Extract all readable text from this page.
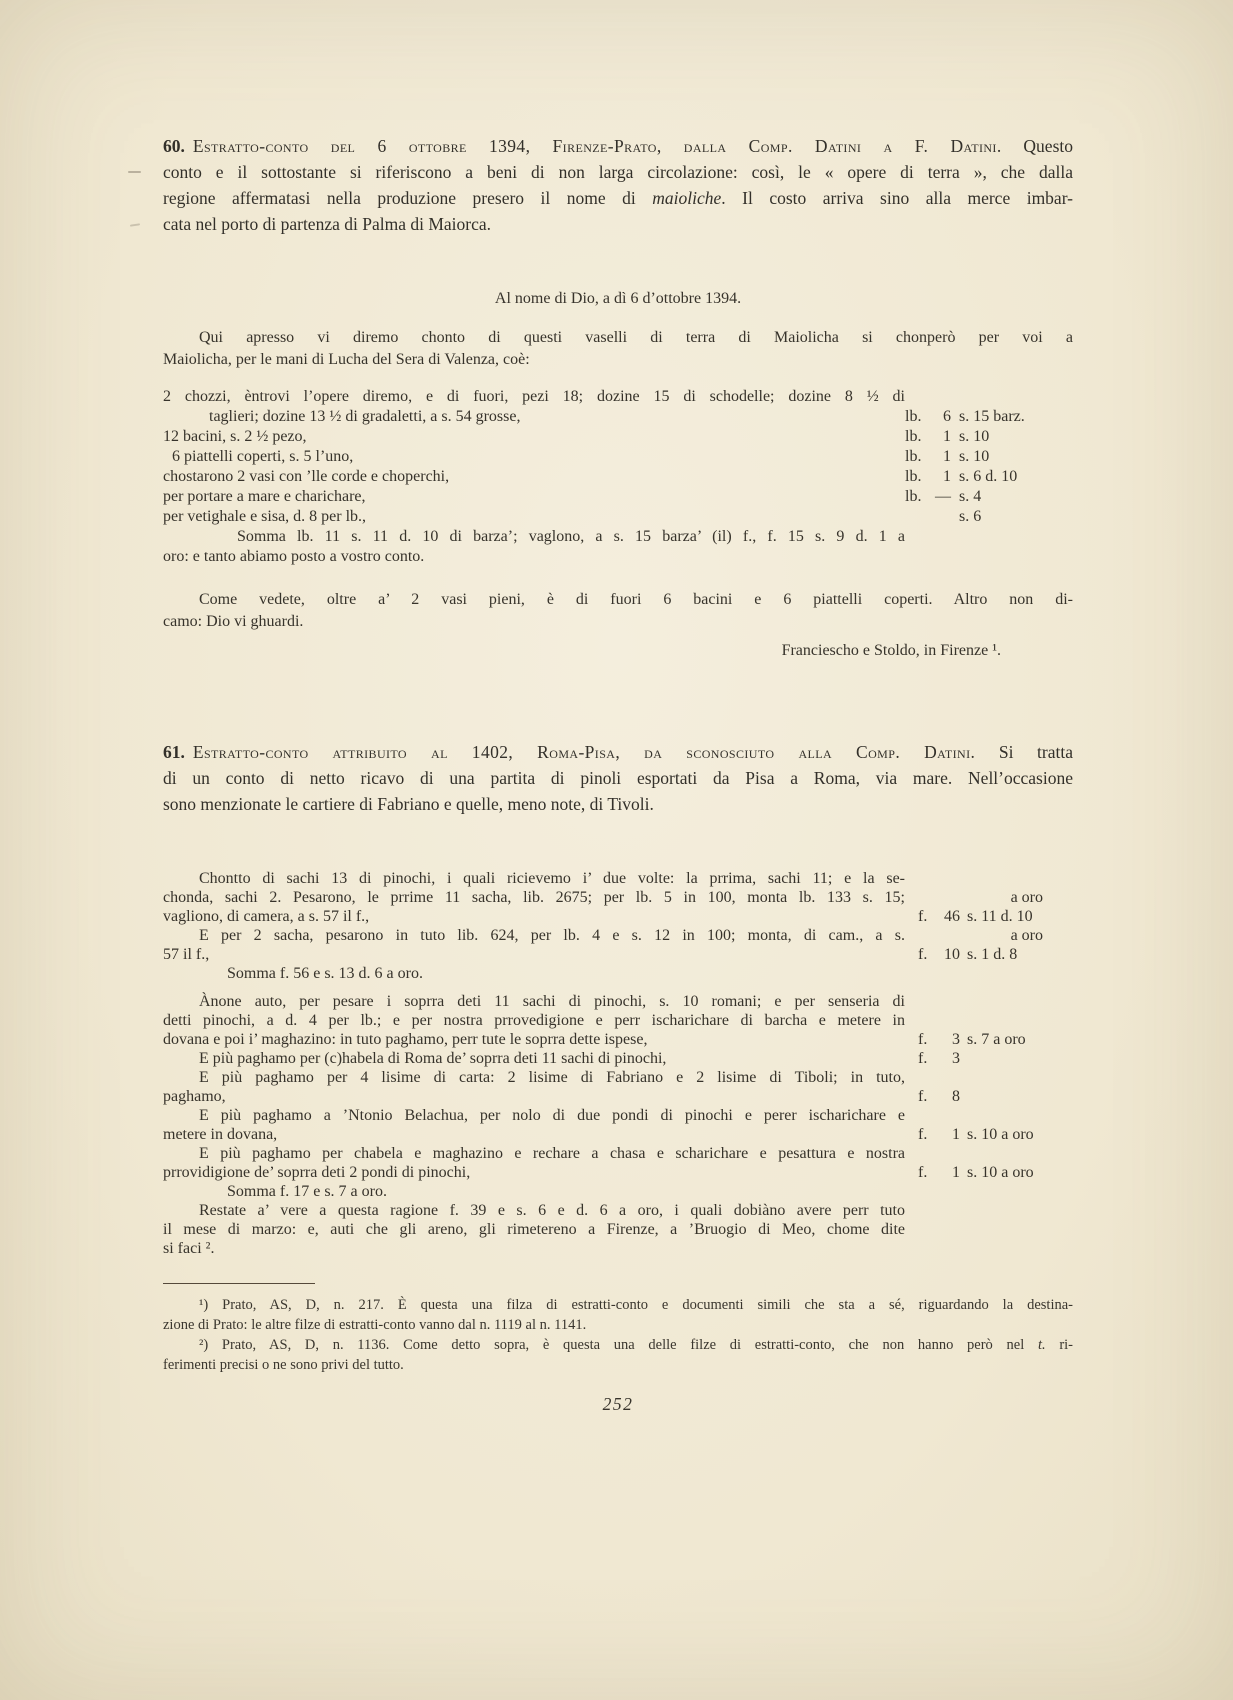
60. Estratto-conto del 6 ottobre 1394, Firenze-Prato, dalla Comp. Datini a F. Datini. Questo
conto e il sottostante si riferiscono a beni di non larga circolazione: così, le « opere di terra », che dalla
regione affermatasi nella produzione presero il nome di maioliche. Il costo arriva sino alla merce imbar-
cata nel porto di partenza di Palma di Maiorca.
Al nome di Dio, a dì 6 d’ottobre 1394.
Qui apresso vi diremo chonto di questi vaselli di terra di Maiolicha si chonperò per voi a
Maiolicha, per le mani di Lucha del Sera di Valenza, coè:
2 chozzi, èntrovi l’opere diremo, e di fuori, pezi 18; dozine 15 di schodelle; dozine 8 ½ di
taglieri; dozine 13 ½ di gradaletti, a s. 54 grosse,	lb.	6 s. 15 barz.
12 bacini, s. 2 ½ pezo,	lb.	1 s. 10
6 piattelli coperti, s. 5 l’uno,	lb.	1 s. 10
chostarono 2 vasi con ’lle corde e choperchi,	lb.	1 s. 6 d. 10
per portare a mare e charichare,	lb. — s. 4
per vetighale e sisa, d. 8 per lb.,	s. 6
Somma lb. 11 s. 11 d. 10 di barza’; vaglono, a s. 15 barza’ (il) f., f. 15 s. 9 d. 1 a
oro: e tanto abiamo posto a vostro conto.
Come vedete, oltre a’ 2 vasi pieni, è di fuori 6 bacini e 6 piattelli coperti. Altro non di-
camo: Dio vi ghuardi.
Franciescho e Stoldo, in Firenze ¹.
61. Estratto-conto attribuito al 1402, Roma-Pisa, da sconosciuto alla Comp. Datini. Si tratta
di un conto di netto ricavo di una partita di pinoli esportati da Pisa a Roma, via mare. Nell’occasione
sono menzionate le cartiere di Fabriano e quelle, meno note, di Tivoli.
Chontto di sachi 13 di pinochi, i quali ricievemo i’ due volte: la prrima, sachi 11; e la se-
chonda, sachi 2. Pesarono, le prrime 11 sacha, lib. 2675; per lb. 5 in 100, monta lb. 133 s. 15;	a oro
vagliono, di camera, a s. 57 il f.,	f.	46 s. 11 d. 10
E per 2 sacha, pesarono in tuto lib. 624, per lb. 4 e s. 12 in 100; monta, di cam., a s.	a oro
57 il f.,	f.	10 s. 1 d. 8
Somma f. 56 e s. 13 d. 6 a oro.
Ànone auto, per pesare i soprra deti 11 sachi di pinochi, s. 10 romani; e per senseria di
detti pinochi, a d. 4 per lb.; e per nostra prrovedigione e perr ischarichare di barcha e metere in
dovana e poi i’ maghazino: in tuto paghamo, perr tute le soprra dette ispese,	f.	3 s. 7 a oro
E più paghamo per (c)habela di Roma de’ soprra deti 11 sachi di pinochi,	f.	3
E più paghamo per 4 lisime di carta: 2 lisime di Fabriano e 2 lisime di Tiboli; in tuto,
paghamo,	f.	8
E più paghamo a ’Ntonio Belachua, per nolo di due pondi di pinochi e perer ischarichare e
metere in dovana,	f.	1 s. 10 a oro
E più paghamo per chabela e maghazino e rechare a chasa e scharichare e pesattura e nostra
prrovidigione de’ soprra deti 2 pondi di pinochi,	f.	1 s. 10 a oro
Somma f. 17 e s. 7 a oro.
Restate a’ vere a questa ragione f. 39 e s. 6 e d. 6 a oro, i quali dobiàno avere perr tuto
il mese di marzo: e, auti che gli areno, gli rimetereno a Firenze, a ’Bruogio di Meo, chome dite
si faci ².
¹) Prato, AS, D, n. 217. È questa una filza di estratti-conto e documenti simili che sta a sé, riguardando la destina-
zione di Prato: le altre filze di estratti-conto vanno dal n. 1119 al n. 1141.
²) Prato, AS, D, n. 1136. Come detto sopra, è questa una delle filze di estratti-conto, che non hanno però nel t. ri-
ferimenti precisi o ne sono privi del tutto.
252
